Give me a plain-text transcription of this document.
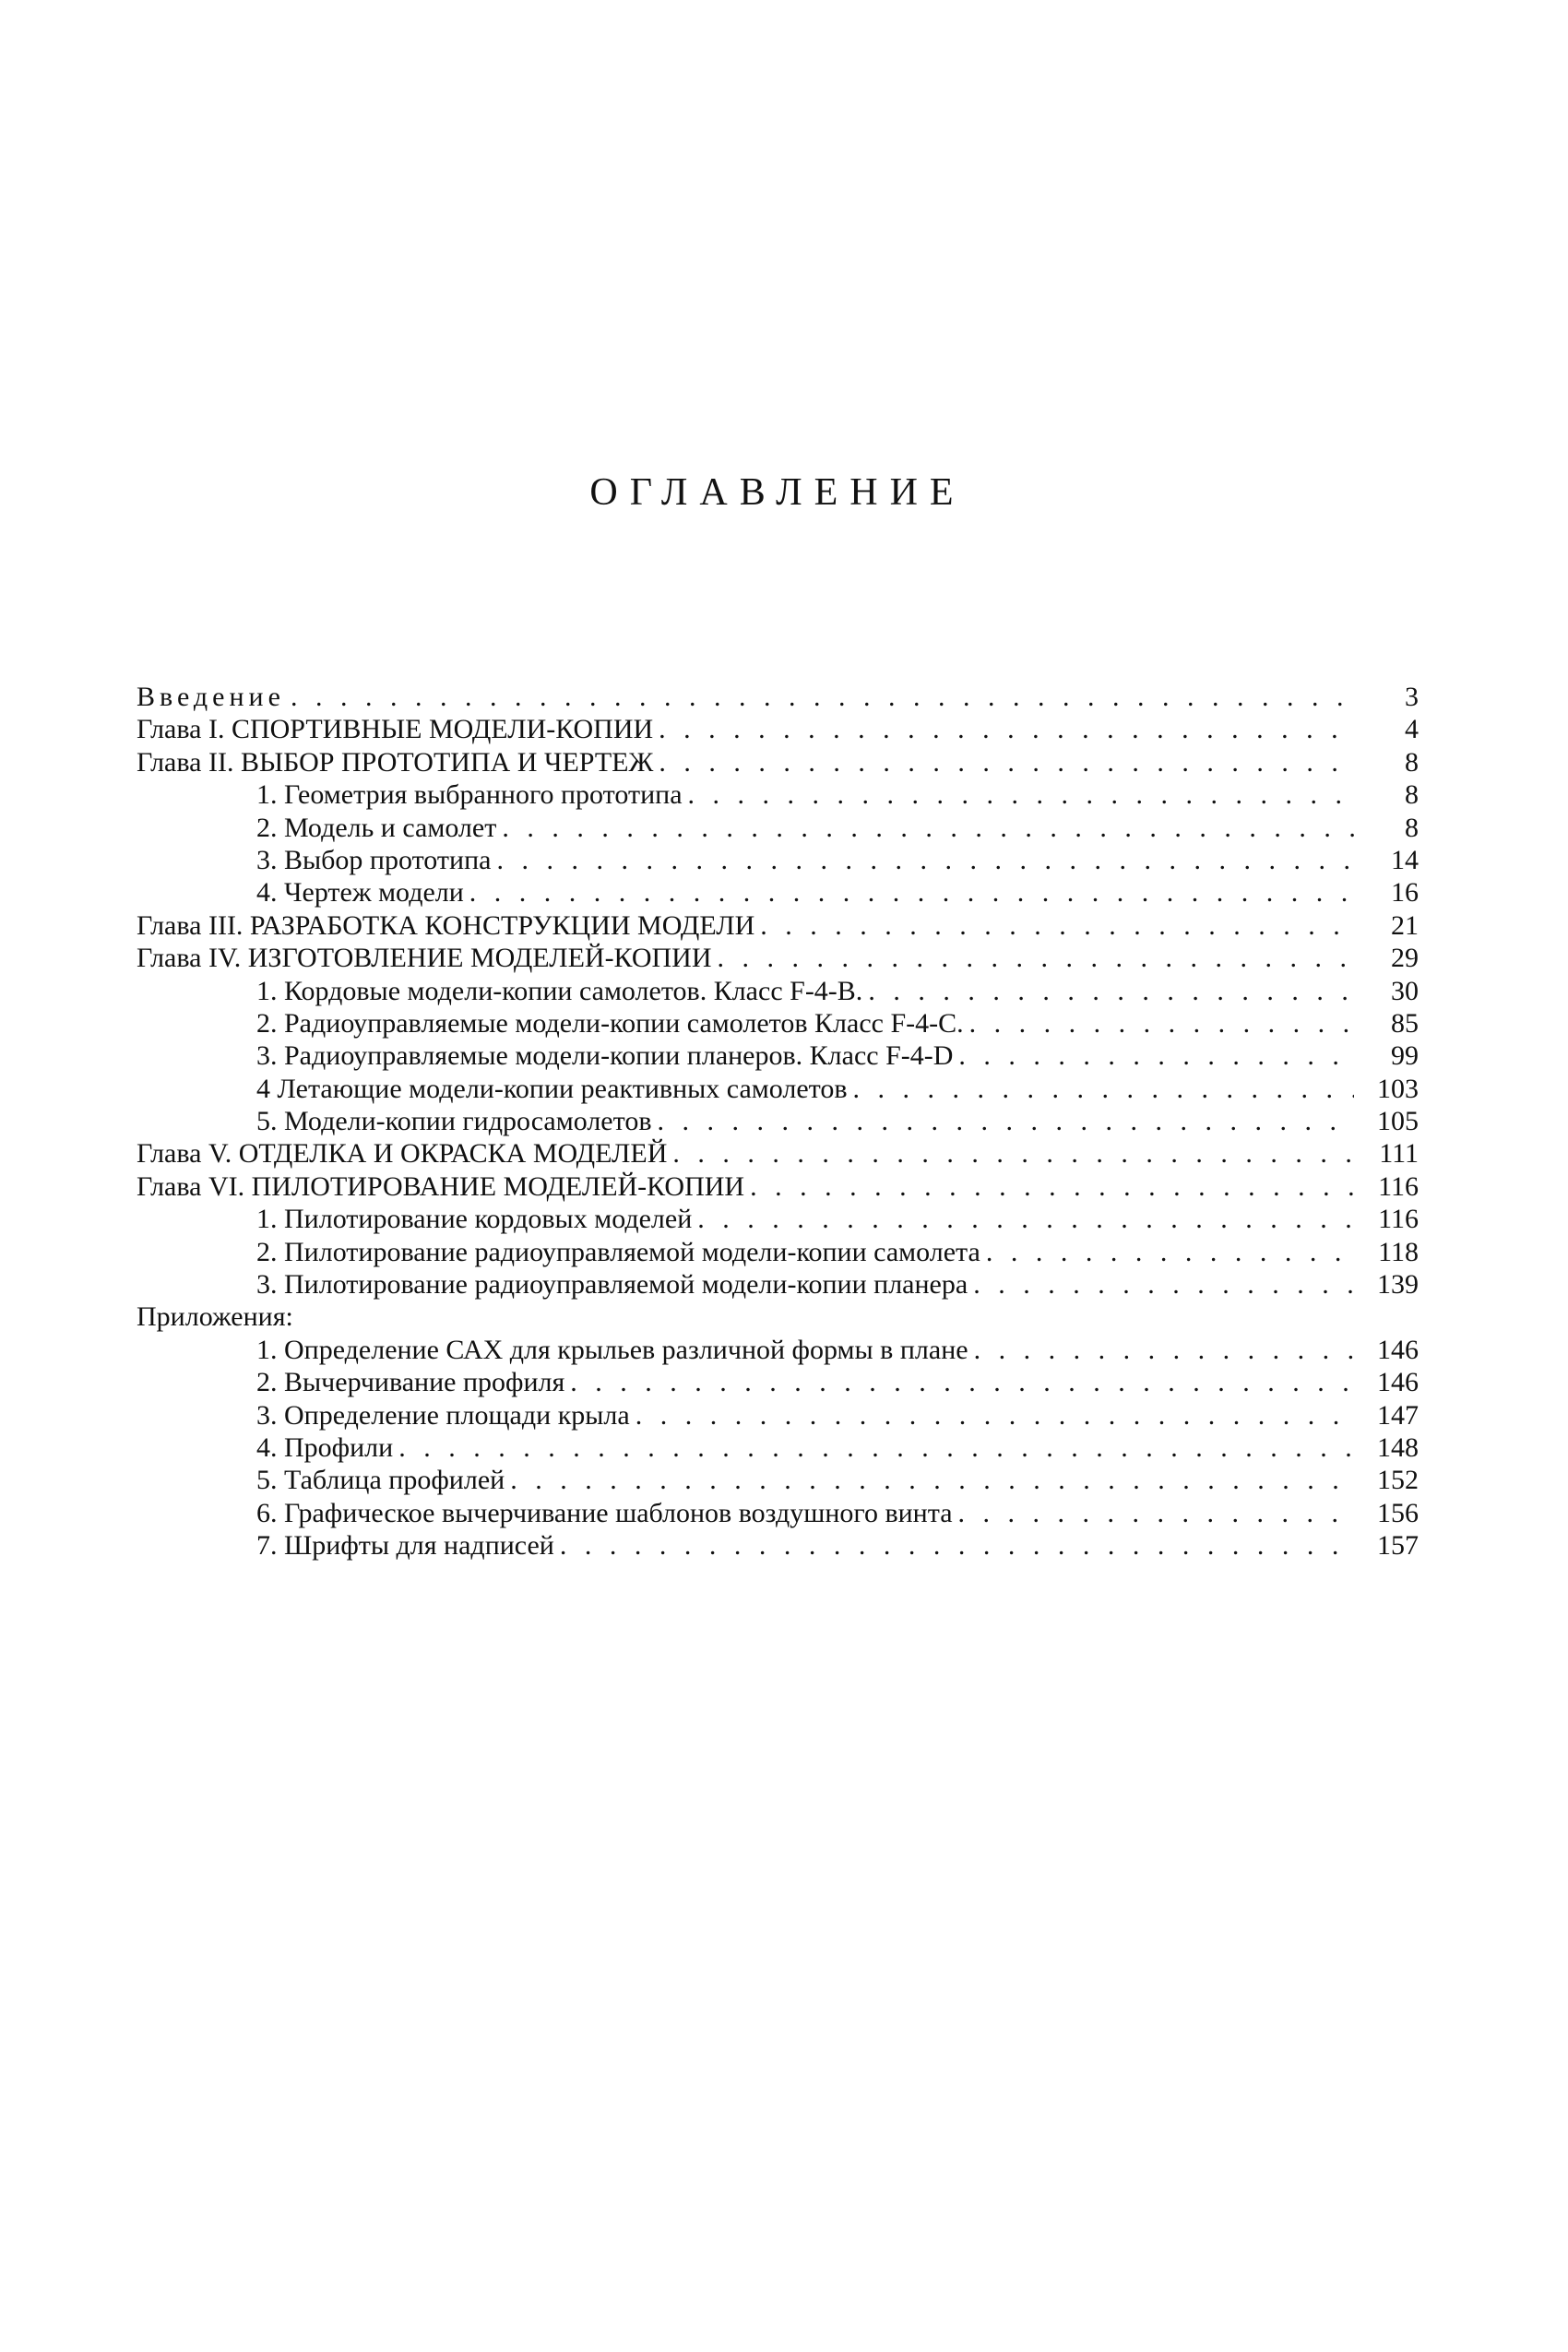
ОГЛАВЛЕНИЕ
Введение . . .	3
Глава I. СПОРТИВНЫЕ МОДЕЛИ-КОПИИ . . .	4
Глава II. ВЫБОР ПРОТОТИПА И ЧЕРТЕЖ . . .	8
1. Геометрия выбранного прототипа . . .	8
2. Модель и самолет . . .	8
3. Выбор прототипа . . .	14
4. Чертеж модели . . .	16
Глава III. РАЗРАБОТКА КОНСТРУКЦИИ МОДЕЛИ . . .	21
Глава IV. ИЗГОТОВЛЕНИЕ МОДЕЛЕЙ-КОПИИ . . .	29
1. Кордовые модели-копии самолетов. Класс F-4-B. . . .	30
2. Радиоуправляемые модели-копии самолетов Класс F-4-C. . . .	85
3. Радиоуправляемые модели-копии планеров. Класс F-4-D . . .	99
4 Летающие модели-копии реактивных самолетов . . .	103
5. Модели-копии гидросамолетов . . .	105
Глава V. ОТДЕЛКА И ОКРАСКА МОДЕЛЕЙ . . .	111
Глава VI. ПИЛОТИРОВАНИЕ МОДЕЛЕЙ-КОПИИ . . .	116
1. Пилотирование кордовых моделей . . .	116
2. Пилотирование радиоуправляемой модели-копии самолета . . .	118
3. Пилотирование радиоуправляемой модели-копии планера . . .	139
Приложения:
1. Определение САХ для крыльев различной формы в плане . . .	146
2. Вычерчивание профиля . . .	146
3. Определение площади крыла . . .	147
4. Профили . . .	148
5. Таблица профилей . . .	152
6. Графическое вычерчивание шаблонов воздушного винта . . .	156
7. Шрифты для надписей . . .	157
